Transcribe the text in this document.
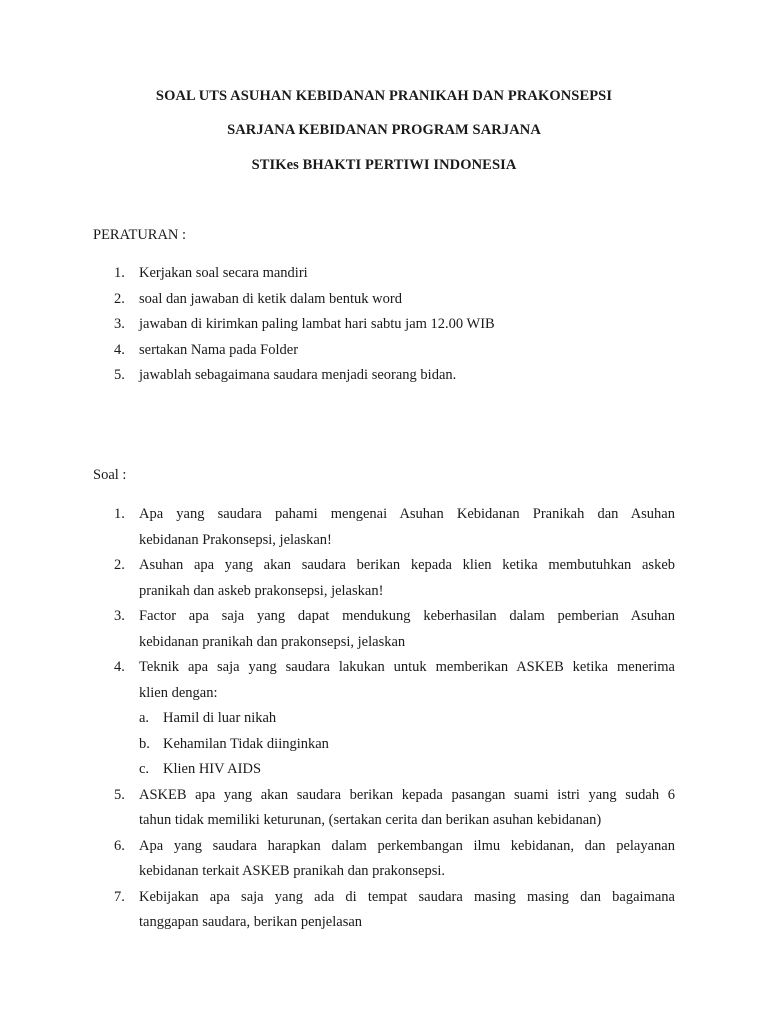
SOAL UTS ASUHAN KEBIDANAN PRANIKAH DAN PRAKONSEPSI
SARJANA KEBIDANAN PROGRAM SARJANA
STIKes BHAKTI PERTIWI INDONESIA
PERATURAN :
1. Kerjakan soal secara mandiri
2. soal dan jawaban di ketik dalam bentuk word
3. jawaban di kirimkan paling lambat hari sabtu jam 12.00 WIB
4. sertakan Nama pada Folder
5. jawablah sebagaimana saudara menjadi seorang bidan.
Soal :
1. Apa yang saudara pahami mengenai Asuhan Kebidanan Pranikah dan Asuhan
kebidanan Prakonsepsi, jelaskan!
2. Asuhan apa yang akan saudara berikan kepada klien ketika membutuhkan askeb
pranikah dan askeb prakonsepsi, jelaskan!
3. Factor apa saja yang dapat mendukung keberhasilan dalam pemberian Asuhan
kebidanan pranikah dan prakonsepsi, jelaskan
4. Teknik apa saja yang saudara lakukan untuk memberikan ASKEB ketika menerima
klien dengan:
a. Hamil di luar nikah
b. Kehamilan Tidak diinginkan
c. Klien HIV AIDS
5. ASKEB apa yang akan saudara berikan kepada pasangan suami istri yang sudah 6
tahun tidak memiliki keturunan, (sertakan cerita dan berikan asuhan kebidanan)
6. Apa yang saudara harapkan dalam perkembangan ilmu kebidanan, dan pelayanan
kebidanan terkait ASKEB pranikah dan prakonsepsi.
7. Kebijakan apa saja yang ada di tempat saudara masing masing dan bagaimana
tanggapan saudara, berikan penjelasan
